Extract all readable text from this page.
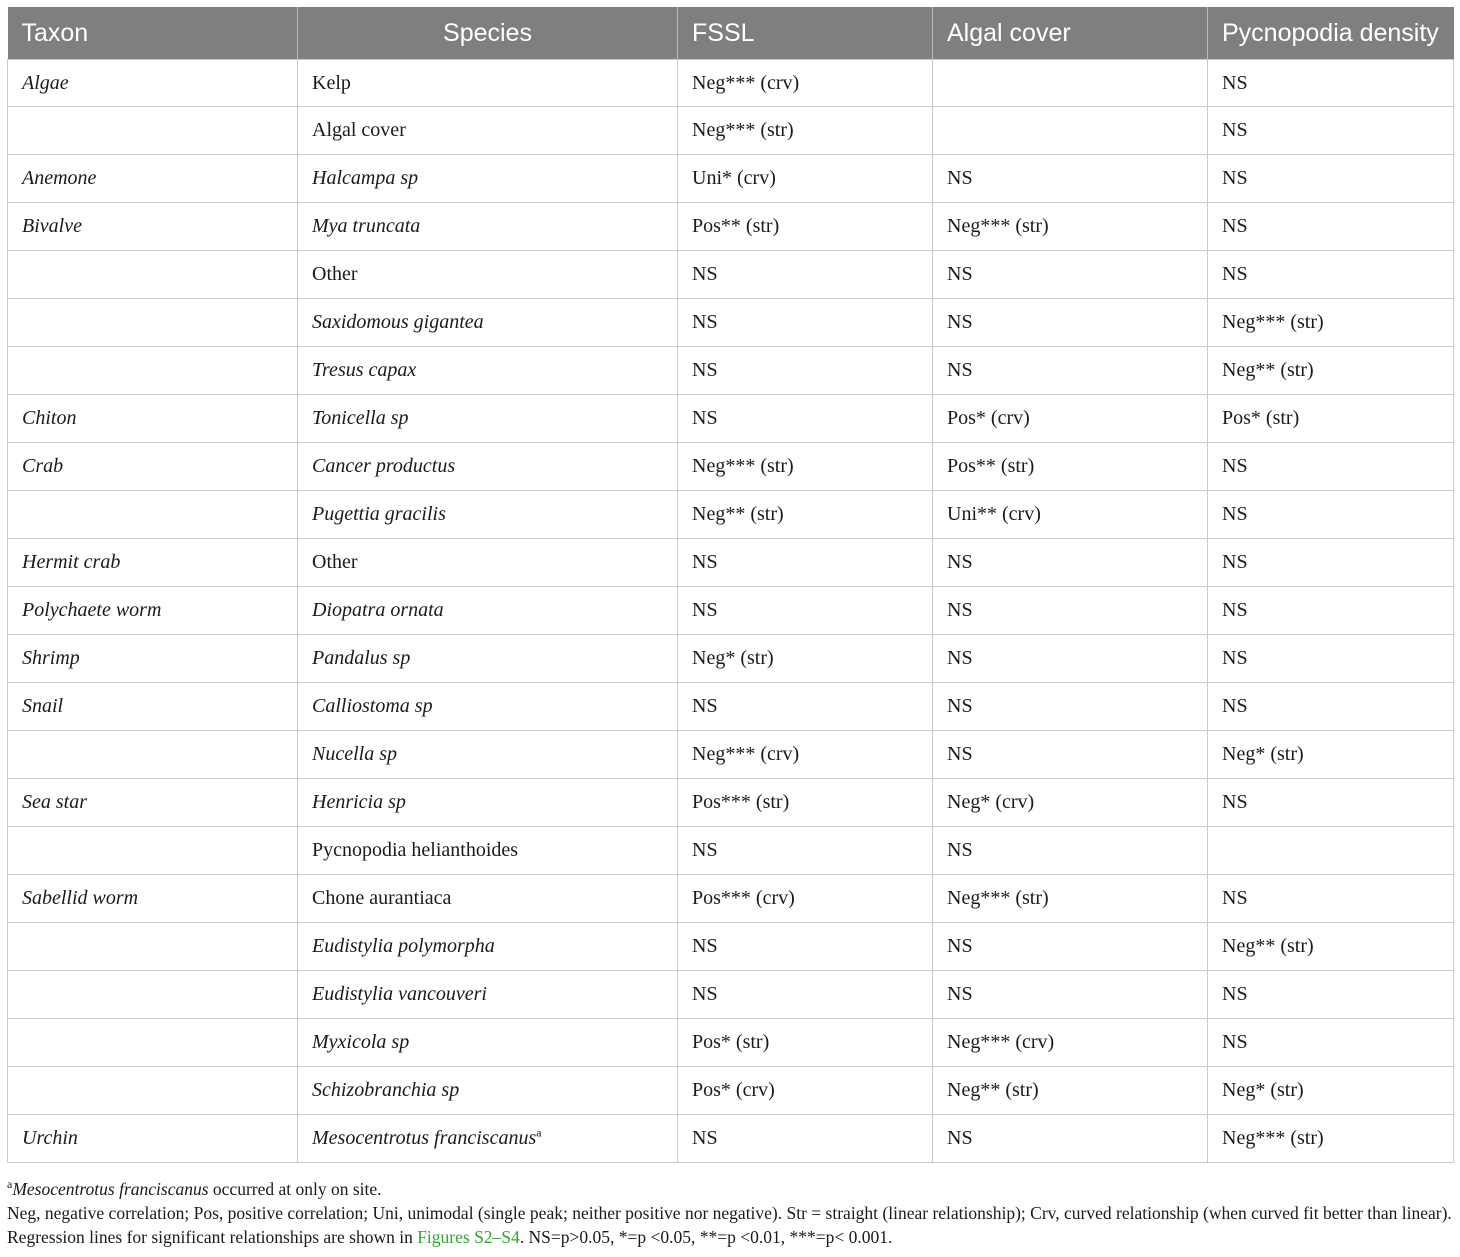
Taxon	Species	FSSL	Algal cover	Pycnopodia density
Algae	Kelp	Neg*** (crv)		NS
	Algal cover	Neg*** (str)		NS
Anemone	Halcampa sp	Uni* (crv)	NS	NS
Bivalve	Mya truncata	Pos** (str)	Neg*** (str)	NS
	Other	NS	NS	NS
	Saxidomous gigantea	NS	NS	Neg*** (str)
	Tresus capax	NS	NS	Neg** (str)
Chiton	Tonicella sp	NS	Pos* (crv)	Pos* (str)
Crab	Cancer productus	Neg*** (str)	Pos** (str)	NS
	Pugettia gracilis	Neg** (str)	Uni** (crv)	NS
Hermit crab	Other	NS	NS	NS
Polychaete worm	Diopatra ornata	NS	NS	NS
Shrimp	Pandalus sp	Neg* (str)	NS	NS
Snail	Calliostoma sp	NS	NS	NS
	Nucella sp	Neg*** (crv)	NS	Neg* (str)
Sea star	Henricia sp	Pos*** (str)	Neg* (crv)	NS
	Pycnopodia helianthoides	NS	NS	
Sabellid worm	Chone aurantiaca	Pos*** (crv)	Neg*** (str)	NS
	Eudistylia polymorpha	NS	NS	Neg** (str)
	Eudistylia vancouveri	NS	NS	NS
	Myxicola sp	Pos* (str)	Neg*** (crv)	NS
	Schizobranchia sp	Pos* (crv)	Neg** (str)	Neg* (str)
Urchin	Mesocentrotus franciscanus$^a$	NS	NS	Neg*** (str)

$^a$Mesocentrotus franciscanus occurred at only on site.

Neg, negative correlation; Pos, positive correlation; Uni, unimodal (single peak; neither positive nor negative). Str = straight (linear relationship); Crv, curved relationship (when curved fit better than linear). Regression lines for significant relationships are shown in Figures S2–S4. NS=p>0.05, *=p <0.05, **=p <0.01, ***=p< 0.001.
